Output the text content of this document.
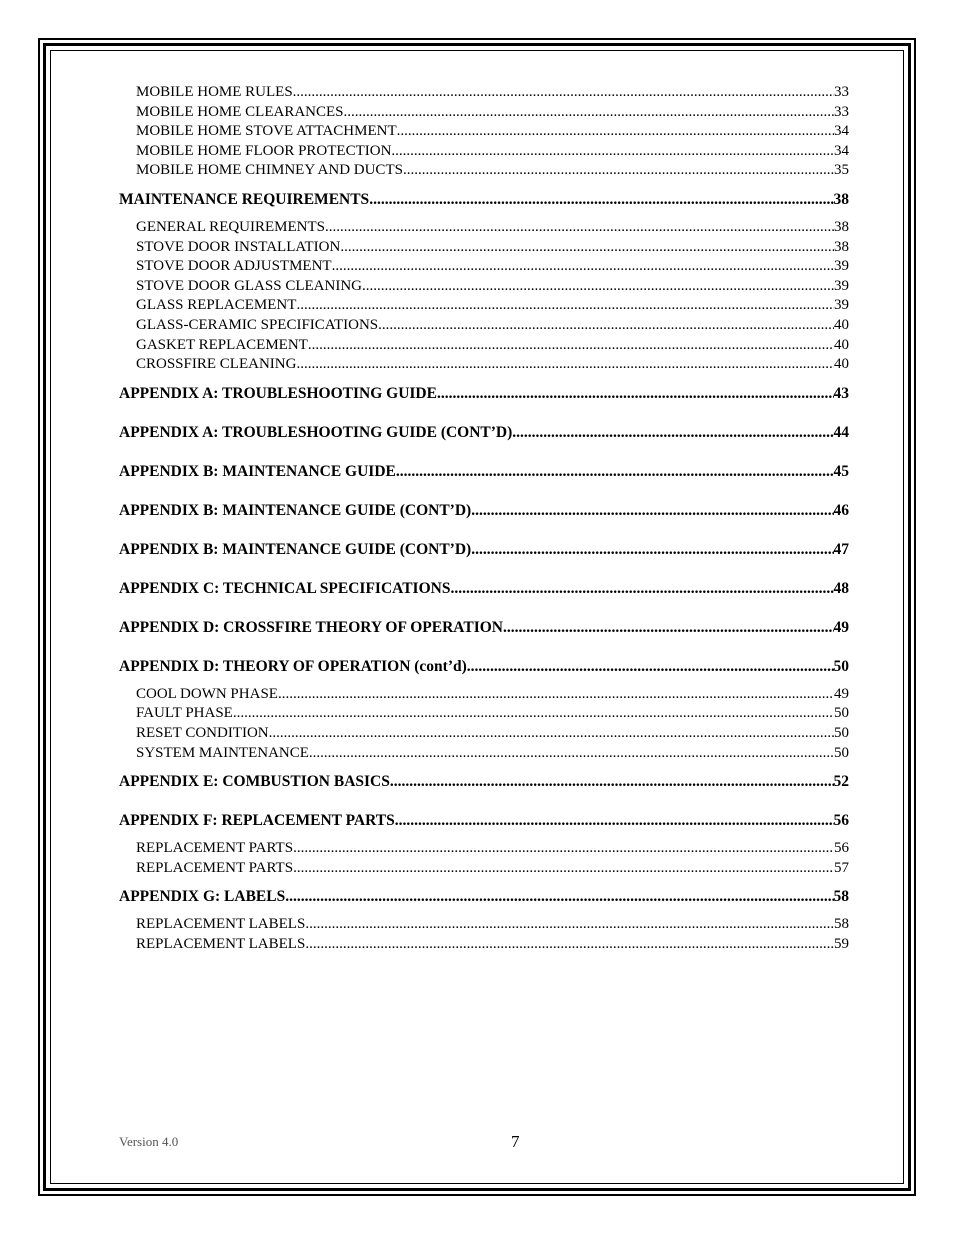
MOBILE HOME RULES .....	33
MOBILE HOME CLEARANCES .....	33
MOBILE HOME STOVE ATTACHMENT .....	34
MOBILE HOME FLOOR PROTECTION .....	34
MOBILE HOME CHIMNEY AND DUCTS .....	35
MAINTENANCE REQUIREMENTS .....	38
GENERAL REQUIREMENTS .....	38
STOVE DOOR INSTALLATION .....	38
STOVE DOOR ADJUSTMENT .....	39
STOVE DOOR GLASS CLEANING .....	39
GLASS REPLACEMENT .....	39
GLASS-CERAMIC SPECIFICATIONS .....	40
GASKET REPLACEMENT .....	40
CROSSFIRE CLEANING .....	40
APPENDIX A: TROUBLESHOOTING GUIDE .....	43
APPENDIX A: TROUBLESHOOTING GUIDE (CONT’D) .....	44
APPENDIX B: MAINTENANCE GUIDE .....	45
APPENDIX B: MAINTENANCE GUIDE (CONT’D) .....	46
APPENDIX B: MAINTENANCE GUIDE (CONT’D) .....	47
APPENDIX C: TECHNICAL SPECIFICATIONS .....	48
APPENDIX D: CROSSFIRE THEORY OF OPERATION .....	49
APPENDIX D: THEORY OF OPERATION (cont’d) .....	50
COOL DOWN PHASE .....	49
FAULT PHASE .....	50
RESET CONDITION .....	50
SYSTEM MAINTENANCE .....	50
APPENDIX E: COMBUSTION BASICS .....	52
APPENDIX F: REPLACEMENT PARTS .....	56
REPLACEMENT PARTS .....	56
REPLACEMENT PARTS .....	57
APPENDIX G: LABELS .....	58
REPLACEMENT LABELS .....	58
REPLACEMENT LABELS .....	59
Version 4.0	7
